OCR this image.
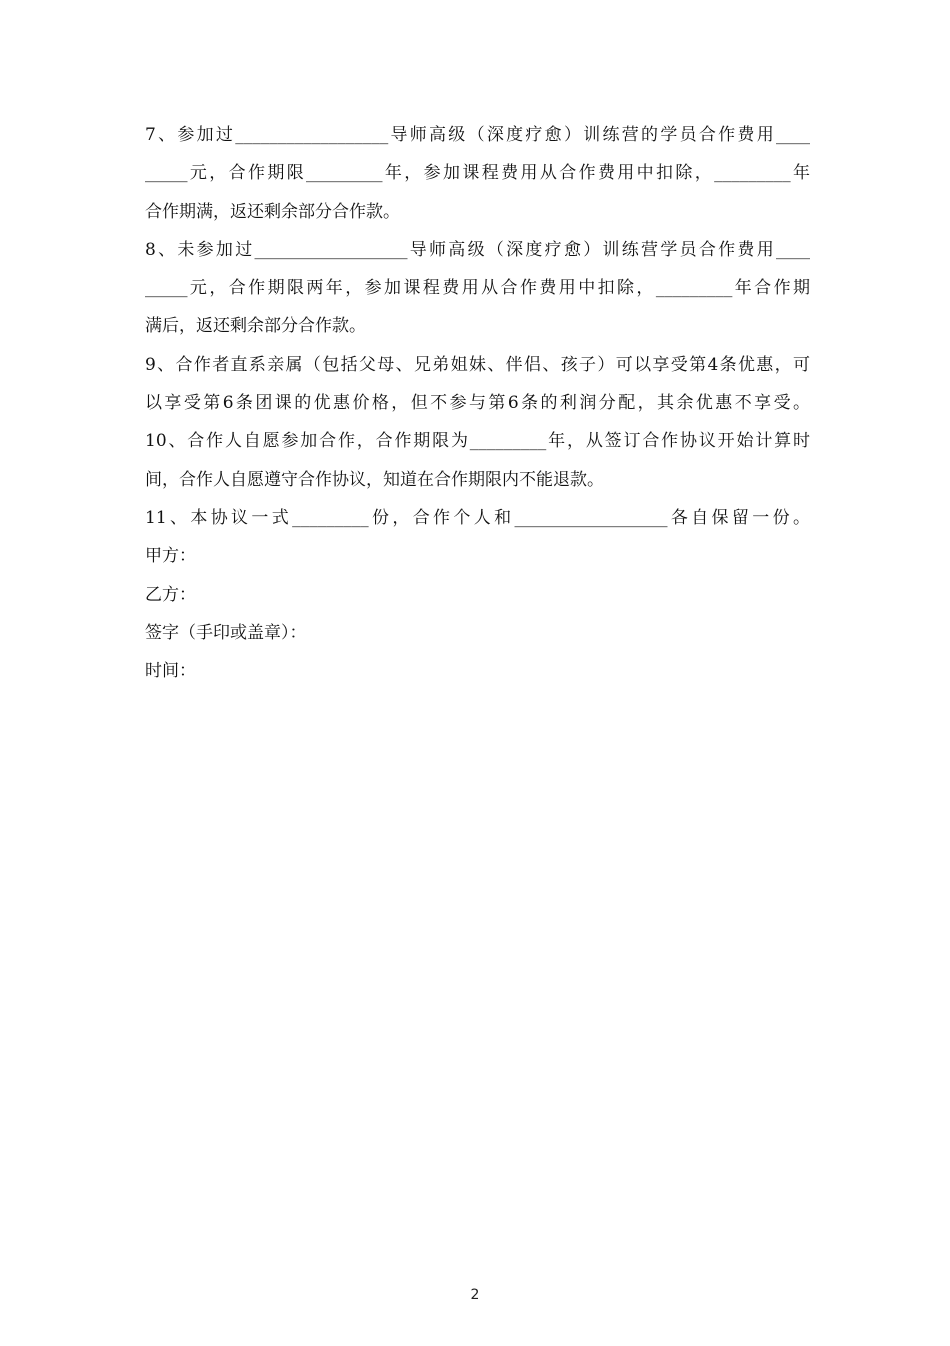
7、参加过__________________导师高级（深度疗愈）训练营的学员合作费用____
_____元，合作期限_________年，参加课程费用从合作费用中扣除，_________年
合作期满，返还剩余部分合作款。
8、未参加过__________________导师高级（深度疗愈）训练营学员合作费用____
_____元，合作期限两年，参加课程费用从合作费用中扣除，_________年合作期
满后，返还剩余部分合作款。
9、合作者直系亲属（包括父母、兄弟姐妹、伴侣、孩子）可以享受第4条优惠，可
以享受第6条团课的优惠价格，但不参与第6条的利润分配，其余优惠不享受。
10、合作人自愿参加合作，合作期限为_________年，从签订合作协议开始计算时
间，合作人自愿遵守合作协议，知道在合作期限内不能退款。
11、本协议一式_________份，合作个人和__________________各自保留一份。
甲方：
乙方：
签字（手印或盖章）：
时间：
2
